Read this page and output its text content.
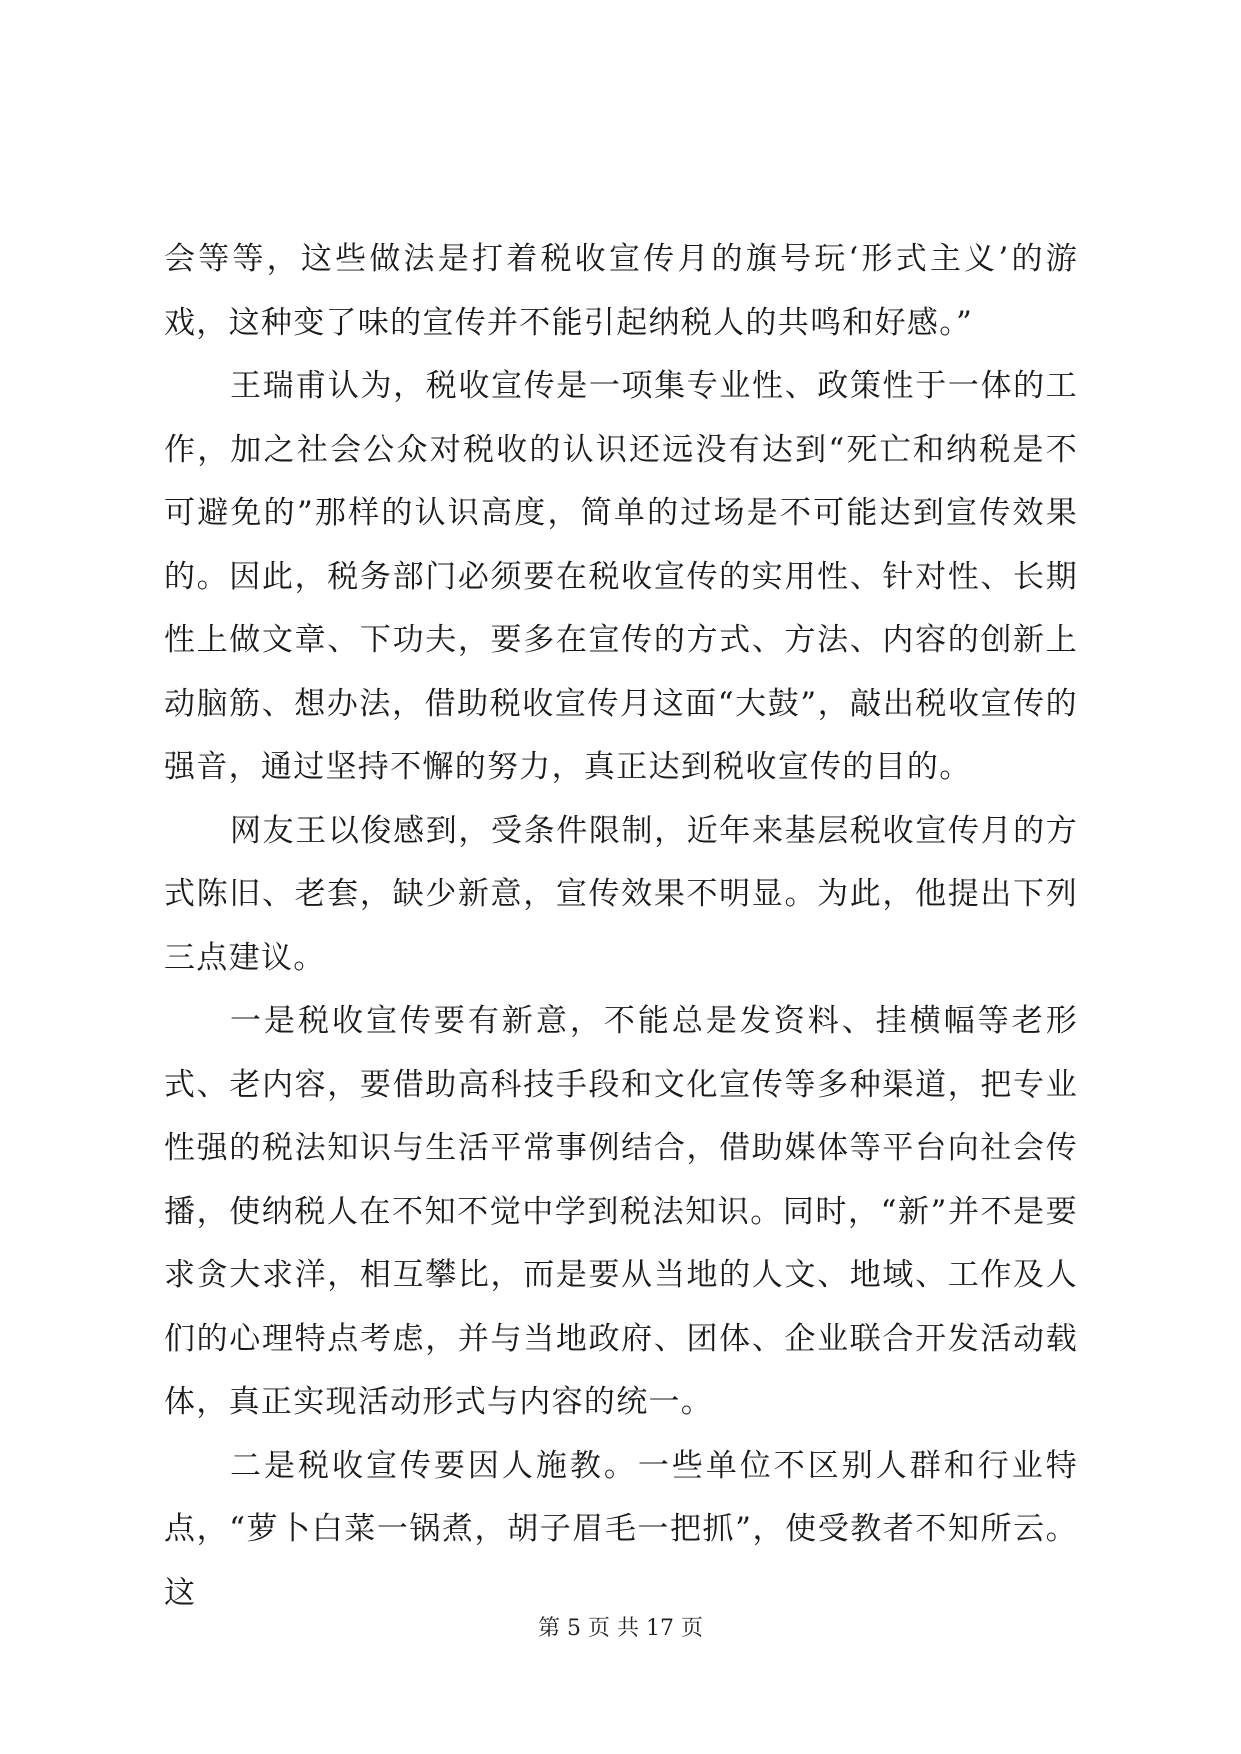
会等等，这些做法是打着税收宣传月的旗号玩‘形式主义’的游戏，这种变了味的宣传并不能引起纳税人的共鸣和好感。”

王瑞甫认为，税收宣传是一项集专业性、政策性于一体的工作，加之社会公众对税收的认识还远没有达到“死亡和纳税是不可避免的”那样的认识高度，简单的过场是不可能达到宣传效果的。因此，税务部门必须要在税收宣传的实用性、针对性、长期性上做文章、下功夫，要多在宣传的方式、方法、内容的创新上动脑筋、想办法，借助税收宣传月这面“大鼓”，敲出税收宣传的强音，通过坚持不懈的努力，真正达到税收宣传的目的。

网友王以俊感到，受条件限制，近年来基层税收宣传月的方式陈旧、老套，缺少新意，宣传效果不明显。为此，他提出下列三点建议。

一是税收宣传要有新意，不能总是发资料、挂横幅等老形式、老内容，要借助高科技手段和文化宣传等多种渠道，把专业性强的税法知识与生活平常事例结合，借助媒体等平台向社会传播，使纳税人在不知不觉中学到税法知识。同时，“新”并不是要求贪大求洋，相互攀比，而是要从当地的人文、地域、工作及人们的心理特点考虑，并与当地政府、团体、企业联合开发活动载体，真正实现活动形式与内容的统一。

二是税收宣传要因人施教。一些单位不区别人群和行业特点，“萝卜白菜一锅煮，胡子眉毛一把抓”，使受教者不知所云。这

第 5 页 共 17 页
